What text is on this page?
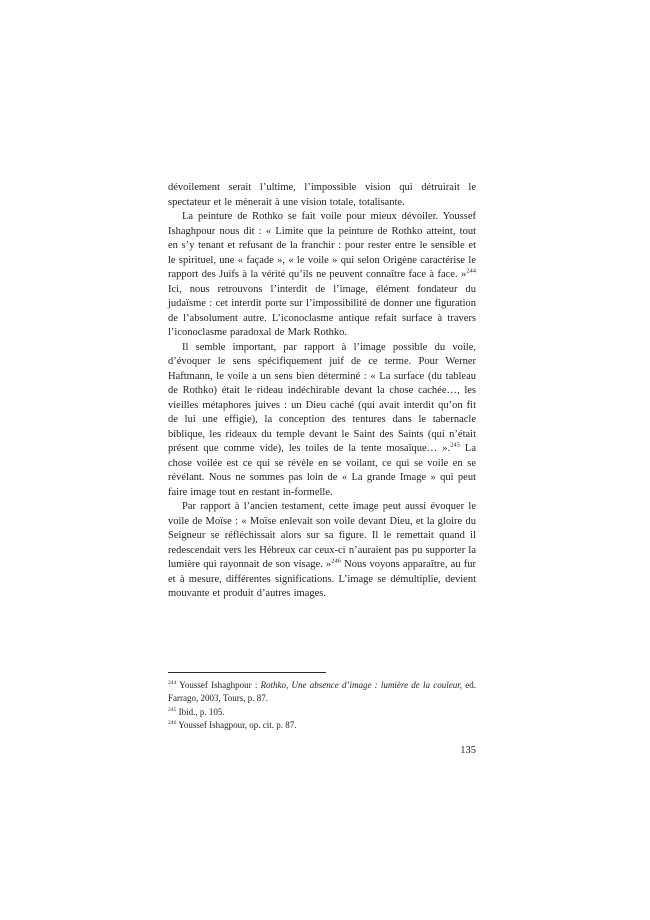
dévoilement serait l’ultime, l’impossible vision qui détruirait le spectateur et le mènerait à une vision totale, totalisante.

La peinture de Rothko se fait voile pour mieux dévoiler. Youssef Ishaghpour nous dit : « Limite que la peinture de Rothko atteint, tout en s’y tenant et refusant de la franchir : pour rester entre le sensible et le spirituel, une « façade », « le voile » qui selon Origène caractérise le rapport des Juifs à la vérité qu’ils ne peuvent connaître face à face. »$^{244}$ Ici, nous retrouvons l’interdit de l’image, élément fondateur du judaïsme : cet interdit porte sur l’impossibilité de donner une figuration de l’absolument autre. L’iconoclasme antique refait surface à travers l’iconoclasme paradoxal de Mark Rothko.

Il semble important, par rapport à l’image possible du voile, d’évoquer le sens spécifiquement juif de ce terme. Pour Werner Haftmann, le voile a un sens bien déterminé : « La surface (du tableau de Rothko) était le rideau indéchirable devant la chose cachée…, les vieilles métaphores juives : un Dieu caché (qui avait interdit qu’on fit de lui une effigie), la conception des tentures dans le tabernacle biblique, les rideaux du temple devant le Saint des Saints (qui n’était présent que comme vide), les toiles de la tente mosaïque… ».$^{245}$ La chose voilée est ce qui se révèle en se voilant, ce qui se voile en se révélant. Nous ne sommes pas loin de « La grande Image » qui peut faire image tout en restant in-formelle.

Par rapport à l’ancien testament, cette image peut aussi évoquer le voile de Moïse : « Moïse enlevait son voile devant Dieu, et la gloire du Seigneur se réfléchissait alors sur sa figure. Il le remettait quand il redescendait vers les Hébreux car ceux-ci n’auraient pas pu supporter la lumière qui rayonnait de son visage. »$^{246}$ Nous voyons apparaître, au fur et à mesure, différentes significations. L’image se démultiplie, devient mouvante et produit d’autres images.

$^{244}$ Youssef Ishaghpour : Rothko, Une absence d’image : lumière de la couleur, ed. Farrago, 2003, Tours, p. 87.

$^{245}$ Ibid., p. 105.

$^{246}$ Youssef Ishagpour, op. cit. p. 87.

135
